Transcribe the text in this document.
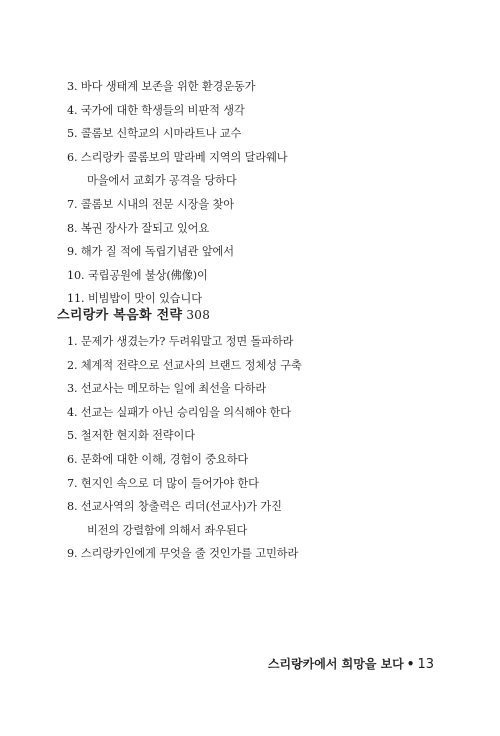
3. 바다 생태계 보존을 위한 환경운동가
4. 국가에 대한 학생들의 비판적 생각
5. 콜롬보 신학교의 시마라트나 교수
6. 스리랑카 콜롬보의 말라베 지역의 달라웨나
마을에서 교회가 공격을 당하다
7. 콜롬보 시내의 전문 시장을 찾아
8. 복권 장사가 잘되고 있어요
9. 해가 질 적에 독립기념관 앞에서
10. 국립공원에 불상(佛像)이
11. 비빔밥이 맛이 있습니다
스리랑카 복음화 전략 308
1. 문제가 생겼는가? 두려워말고 정면 돌파하라
2. 체계적 전략으로 선교사의 브랜드 정체성 구축
3. 선교사는 메모하는 일에 최선을 다하라
4. 선교는 실패가 아닌 승리임을 의식해야 한다
5. 철저한 현지화 전략이다
6. 문화에 대한 이해, 경험이 중요하다
7. 현지인 속으로 더 많이 들어가야 한다
8. 선교사역의 창출력은 리더(선교사)가 가진
비전의 강렬함에 의해서 좌우된다
9. 스리랑카인에게 무엇을 줄 것인가를 고민하라
스리랑카에서 희망을 보다 • 13
